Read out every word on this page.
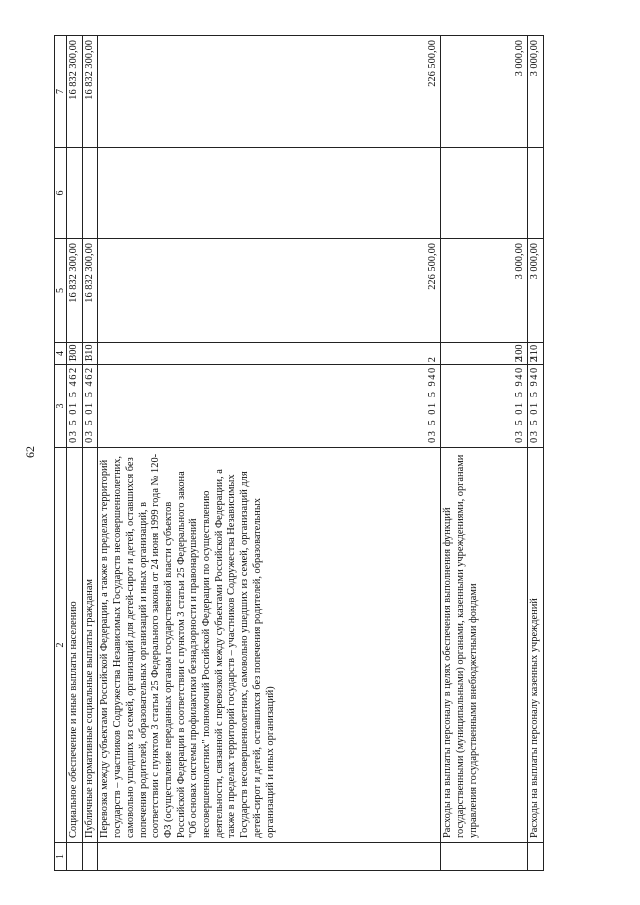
62
1	2	3	4	5	6	7
	Социальное обеспечение и иные выплаты населению	03 5 01 5 462 1	300	16 832 300,00		16 832 300,00
	Публичные нормативные социальные выплаты гражданам	03 5 01 5 462 1	310	16 832 300,00		16 832 300,00
	Перевозка между субъектами Российской Федерации, а также в пределах территорий государств – участников Содружества Независимых Государств несовершеннолетних, самовольно ушедших из семей, организаций для детей-сирот и детей, оставшихся без попечения родителей, образовательных организаций и иных организаций, в соответствии с пунктом 3 статьи 25 Федерального закона от 24 июня 1999 года № 120-ФЗ (осуществление переданных органам государственной власти субъектов Российской Федерации в соответствии с пунктом 3 статьи 25 Федерального закона "Об основах системы профилактики безнадзорности и правонарушений несовершеннолетних" полномочий Российской Федерации по осуществлению деятельности, связанной с перевозкой между субъектами Российской Федерации, а также в пределах территорий государств – участников Содружества Независимых Государств несовершеннолетних, самовольно ушедших из семей, организаций для детей-сирот и детей, оставшихся без попечения родителей, образовательных организаций и иных организаций)	03 5 01 5 940 2		226 500,00		226 500,00
	Расходы на выплаты персоналу в целях обеспечения выполнения функций государственными (муниципальными) органами, казенными учреждениями, органами управления государственными внебюджетными фондами	03 5 01 5 940 2	100	3 000,00		3 000,00
	Расходы на выплаты персоналу казенных учреждений	03 5 01 5 940 2	110	3 000,00		3 000,00
